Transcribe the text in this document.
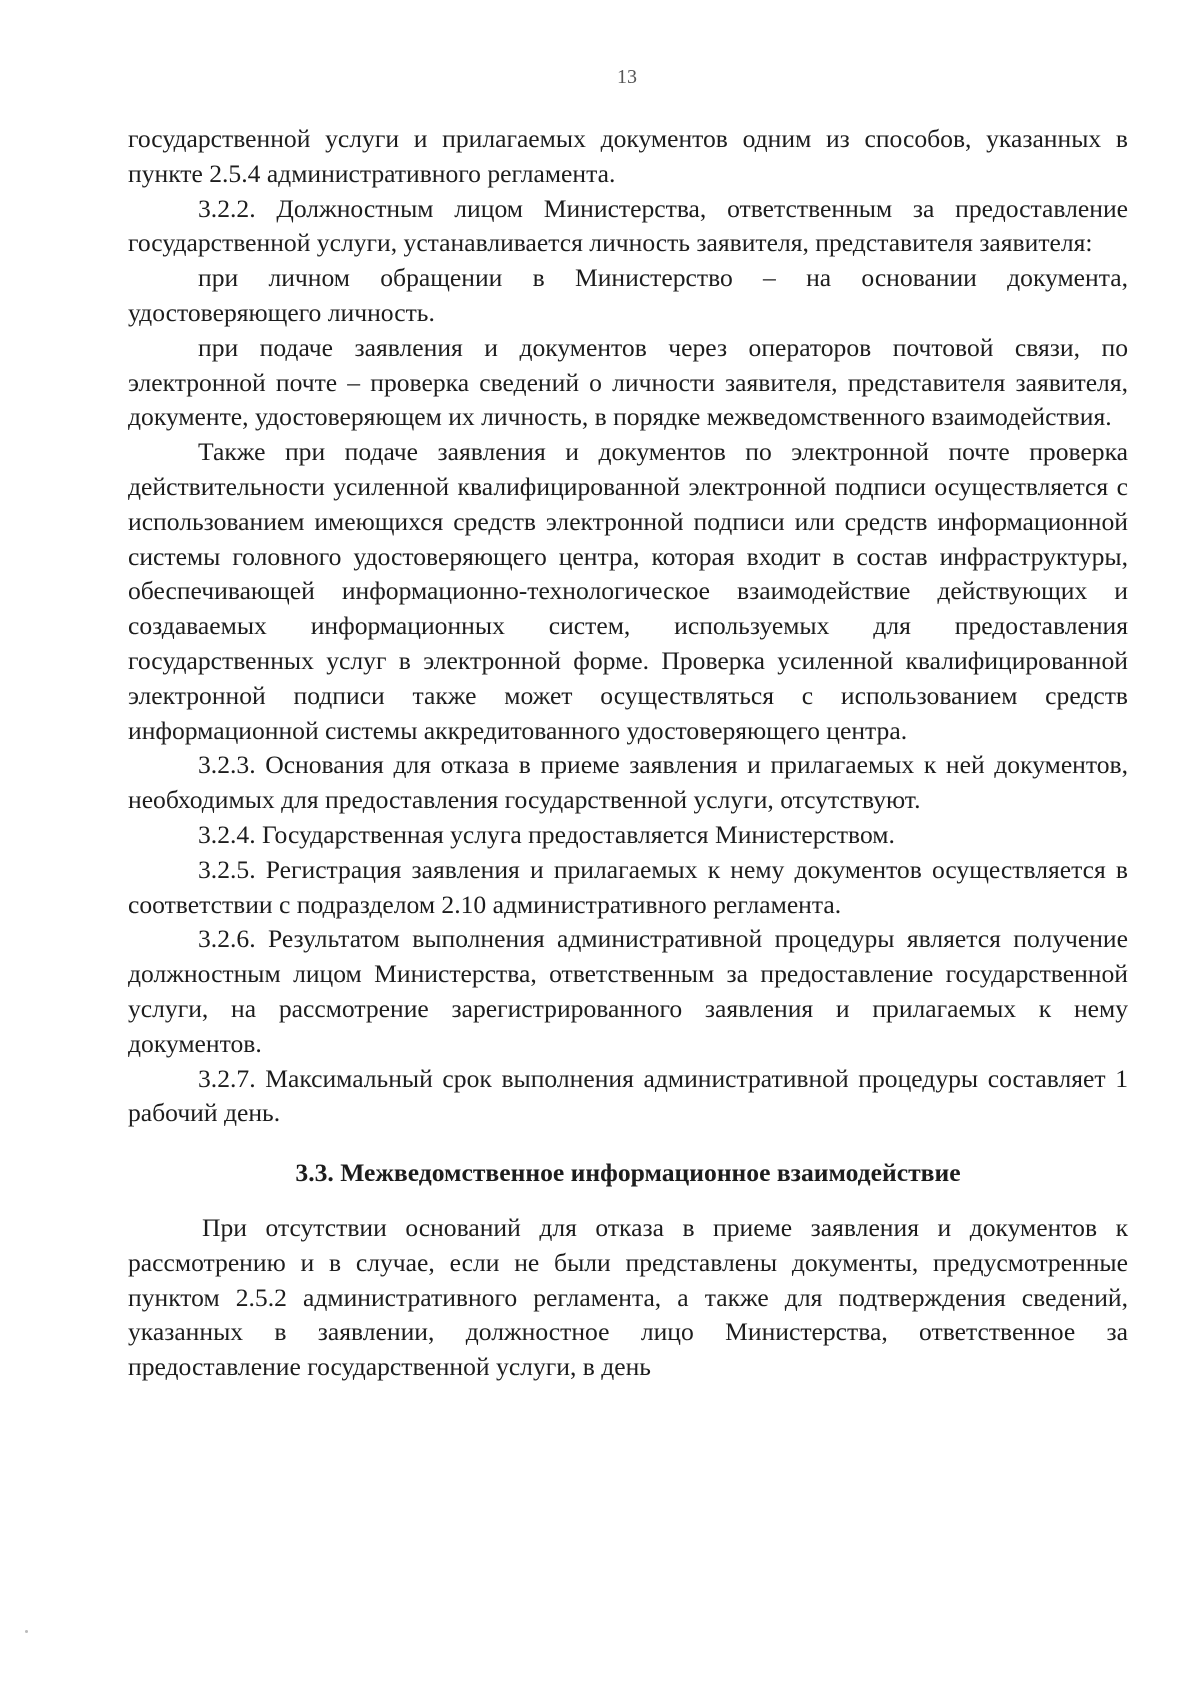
13

государственной услуги и прилагаемых документов одним из способов, указанных в пункте 2.5.4 административного регламента.

3.2.2. Должностным лицом Министерства, ответственным за предоставление государственной услуги, устанавливается личность заявителя, представителя заявителя:

при личном обращении в Министерство – на основании документа, удостоверяющего личность.

при подаче заявления и документов через операторов почтовой связи, по электронной почте – проверка сведений о личности заявителя, представителя заявителя, документе, удостоверяющем их личность, в порядке межведомственного взаимодействия.

Также при подаче заявления и документов по электронной почте проверка действительности усиленной квалифицированной электронной подписи осуществляется с использованием имеющихся средств электронной подписи или средств информационной системы головного удостоверяющего центра, которая входит в состав инфраструктуры, обеспечивающей информационно-технологическое взаимодействие действующих и создаваемых информационных систем, используемых для предоставления государственных услуг в электронной форме. Проверка усиленной квалифицированной электронной подписи также может осуществляться с использованием средств информационной системы аккредитованного удостоверяющего центра.

3.2.3. Основания для отказа в приеме заявления и прилагаемых к ней документов, необходимых для предоставления государственной услуги, отсутствуют.

3.2.4. Государственная услуга предоставляется Министерством.

3.2.5. Регистрация заявления и прилагаемых к нему документов осуществляется в соответствии с подразделом 2.10 административного регламента.

3.2.6. Результатом выполнения административной процедуры является получение должностным лицом Министерства, ответственным за предоставление государственной услуги, на рассмотрение зарегистрированного заявления и прилагаемых к нему документов.

3.2.7. Максимальный срок выполнения административной процедуры составляет 1 рабочий день.

3.3. Межведомственное информационное взаимодействие

При отсутствии оснований для отказа в приеме заявления и документов к рассмотрению и в случае, если не были представлены документы, предусмотренные пунктом 2.5.2 административного регламента, а также для подтверждения сведений, указанных в заявлении, должностное лицо Министерства, ответственное за предоставление государственной услуги, в день
